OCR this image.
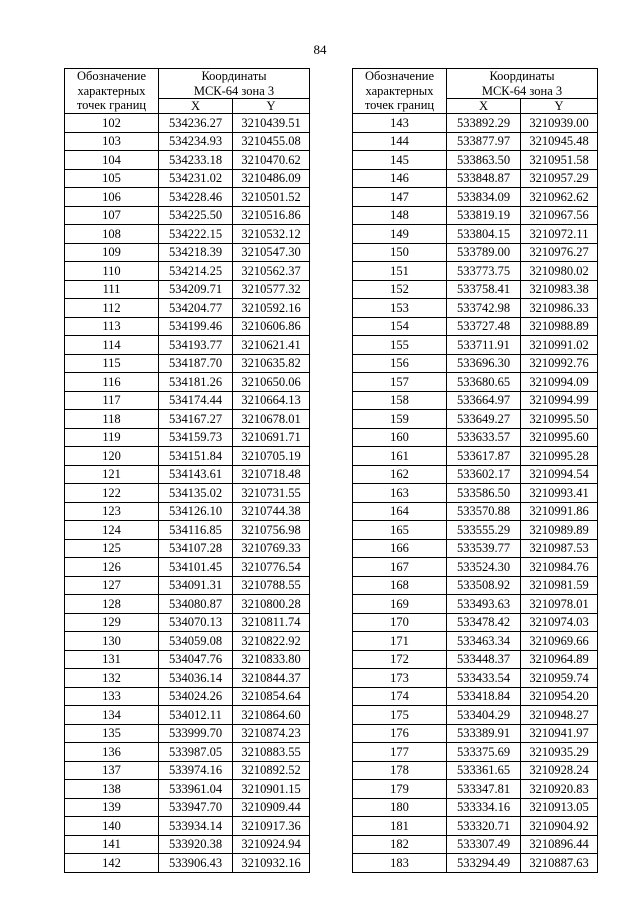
84
Обозначение
характерных
точек границ	Координаты
МСК-64 зона 3	
	X	Y
102	534236.27	3210439.51
103	534234.93	3210455.08
104	534233.18	3210470.62
105	534231.02	3210486.09
106	534228.46	3210501.52
107	534225.50	3210516.86
108	534222.15	3210532.12
109	534218.39	3210547.30
110	534214.25	3210562.37
111	534209.71	3210577.32
112	534204.77	3210592.16
113	534199.46	3210606.86
114	534193.77	3210621.41
115	534187.70	3210635.82
116	534181.26	3210650.06
117	534174.44	3210664.13
118	534167.27	3210678.01
119	534159.73	3210691.71
120	534151.84	3210705.19
121	534143.61	3210718.48
122	534135.02	3210731.55
123	534126.10	3210744.38
124	534116.85	3210756.98
125	534107.28	3210769.33
126	534101.45	3210776.54
127	534091.31	3210788.55
128	534080.87	3210800.28
129	534070.13	3210811.74
130	534059.08	3210822.92
131	534047.76	3210833.80
132	534036.14	3210844.37
133	534024.26	3210854.64
134	534012.11	3210864.60
135	533999.70	3210874.23
136	533987.05	3210883.55
137	533974.16	3210892.52
138	533961.04	3210901.15
139	533947.70	3210909.44
140	533934.14	3210917.36
141	533920.38	3210924.94
142	533906.43	3210932.16
Обозначение
характерных
точек границ	Координаты
МСК-64 зона 3	
	X	Y
143	533892.29	3210939.00
144	533877.97	3210945.48
145	533863.50	3210951.58
146	533848.87	3210957.29
147	533834.09	3210962.62
148	533819.19	3210967.56
149	533804.15	3210972.11
150	533789.00	3210976.27
151	533773.75	3210980.02
152	533758.41	3210983.38
153	533742.98	3210986.33
154	533727.48	3210988.89
155	533711.91	3210991.02
156	533696.30	3210992.76
157	533680.65	3210994.09
158	533664.97	3210994.99
159	533649.27	3210995.50
160	533633.57	3210995.60
161	533617.87	3210995.28
162	533602.17	3210994.54
163	533586.50	3210993.41
164	533570.88	3210991.86
165	533555.29	3210989.89
166	533539.77	3210987.53
167	533524.30	3210984.76
168	533508.92	3210981.59
169	533493.63	3210978.01
170	533478.42	3210974.03
171	533463.34	3210969.66
172	533448.37	3210964.89
173	533433.54	3210959.74
174	533418.84	3210954.20
175	533404.29	3210948.27
176	533389.91	3210941.97
177	533375.69	3210935.29
178	533361.65	3210928.24
179	533347.81	3210920.83
180	533334.16	3210913.05
181	533320.71	3210904.92
182	533307.49	3210896.44
183	533294.49	3210887.63
